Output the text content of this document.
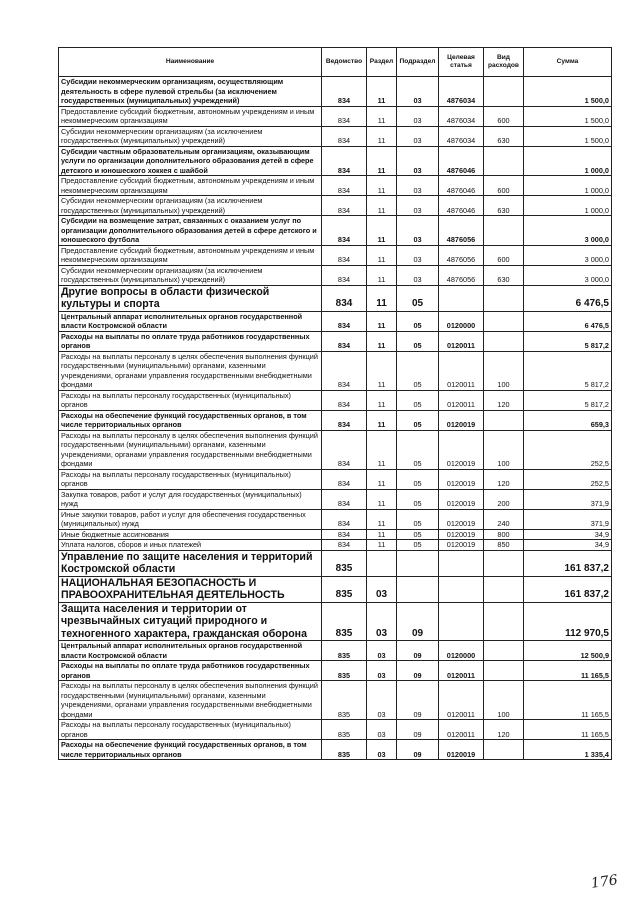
Наименование	Ведомство	Раздел	Подраздел	Целевая статья	Вид расходов	Сумма
Субсидии некоммерческим организациям, осуществляющим деятельность в сфере пулевой стрельбы (за исключением государственных (муниципальных) учреждений)	834	11	03	4876034		1 500,0
Предоставление субсидий бюджетным, автономным учреждениям и иным некоммерческим организациям	834	11	03	4876034	600	1 500,0
Субсидии некоммерческим организациям (за исключением государственных (муниципальных) учреждений)	834	11	03	4876034	630	1 500,0
Субсидии частным образовательным организациям, оказывающим услуги по организации дополнительного образования детей в сфере детского и юношеского хоккея с шайбой	834	11	03	4876046		1 000,0
Предоставление субсидий бюджетным, автономным учреждениям и иным некоммерческим организациям	834	11	03	4876046	600	1 000,0
Субсидии некоммерческим организациям (за исключением государственных (муниципальных) учреждений)	834	11	03	4876046	630	1 000,0
Субсидии на возмещение затрат, связанных с оказанием услуг по организации дополнительного образования детей в сфере детского и юношеского футбола	834	11	03	4876056		3 000,0
Предоставление субсидий бюджетным, автономным учреждениям и иным некоммерческим организациям	834	11	03	4876056	600	3 000,0
Субсидии некоммерческим организациям (за исключением государственных (муниципальных) учреждений)	834	11	03	4876056	630	3 000,0
Другие вопросы в области физической культуры и спорта	834	11	05			6 476,5
Центральный аппарат исполнительных органов государственной власти Костромской области	834	11	05	0120000		6 476,5
Расходы на выплаты по оплате труда работников государственных органов	834	11	05	0120011		5 817,2
Расходы на выплаты персоналу в целях обеспечения выполнения функций государственными (муниципальными) органами, казенными учреждениями, органами управления государственными внебюджетными фондами	834	11	05	0120011	100	5 817,2
Расходы на выплаты персоналу государственных (муниципальных) органов	834	11	05	0120011	120	5 817,2
Расходы на обеспечение функций государственных органов, в том числе территориальных органов	834	11	05	0120019		659,3
Расходы на выплаты персоналу в целях обеспечения выполнения функций государственными (муниципальными) органами, казенными учреждениями, органами управления государственными внебюджетными фондами	834	11	05	0120019	100	252,5
Расходы на выплаты персоналу государственных (муниципальных) органов	834	11	05	0120019	120	252,5
Закупка товаров, работ и услуг для государственных (муниципальных) нужд	834	11	05	0120019	200	371,9
Иные закупки товаров, работ и услуг для обеспечения государственных (муниципальных) нужд	834	11	05	0120019	240	371,9
Иные бюджетные ассигнования	834	11	05	0120019	800	34,9
Уплата налогов, сборов и иных платежей	834	11	05	0120019	850	34,9
Управление по защите населения и территорий Костромской области	835					161 837,2
НАЦИОНАЛЬНАЯ БЕЗОПАСНОСТЬ И ПРАВООХРАНИТЕЛЬНАЯ ДЕЯТЕЛЬНОСТЬ	835	03				161 837,2
Защита населения и территории от чрезвычайных ситуаций природного и техногенного характера, гражданская оборона	835	03	09			112 970,5
Центральный аппарат исполнительных органов государственной власти Костромской области	835	03	09	0120000		12 500,9
Расходы на выплаты по оплате труда работников государственных органов	835	03	09	0120011		11 165,5
Расходы на выплаты персоналу в целях обеспечения выполнения функций государственными (муниципальными) органами, казенными учреждениями, органами управления государственными внебюджетными фондами	835	03	09	0120011	100	11 165,5
Расходы на выплаты персоналу государственных (муниципальных) органов	835	03	09	0120011	120	11 165,5
Расходы на обеспечение функций государственных органов, в том числе территориальных органов	835	03	09	0120019		1 335,4
176
